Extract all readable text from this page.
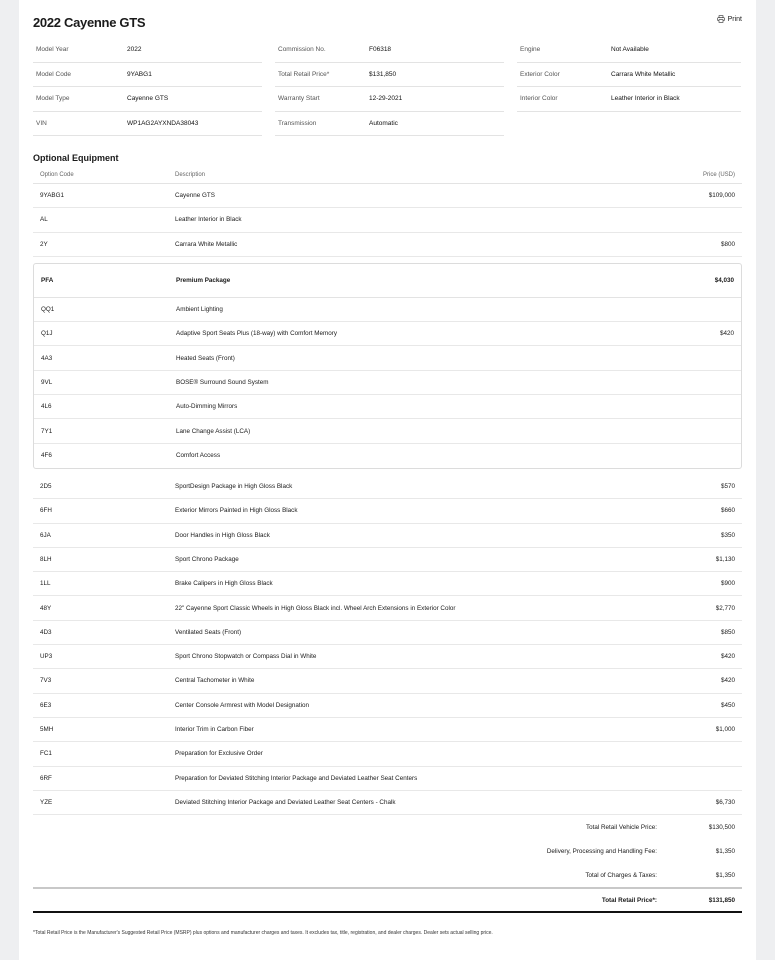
2022 Cayenne GTS	Print
Model Year	2022
Model Code	9YABG1
Model Type	Cayenne GTS
VIN	WP1AG2AYXNDA38043
Commission No.	F06318
Total Retail Price*	$131,850
Warranty Start	12-29-2021
Transmission	Automatic
Engine	Not Available
Exterior Color	Carrara White Metallic
Interior Color	Leather Interior in Black
Optional Equipment
Option Code	Description	Price (USD)
9YABG1	Cayenne GTS	$109,000
AL	Leather Interior in Black
2Y	Carrara White Metallic	$800
PFA	Premium Package	$4,030
QQ1	Ambient Lighting
Q1J	Adaptive Sport Seats Plus (18-way) with Comfort Memory	$420
4A3	Heated Seats (Front)
9VL	BOSE® Surround Sound System
4L6	Auto-Dimming Mirrors
7Y1	Lane Change Assist (LCA)
4F6	Comfort Access
2D5	SportDesign Package in High Gloss Black	$570
6FH	Exterior Mirrors Painted in High Gloss Black	$660
6JA	Door Handles in High Gloss Black	$350
8LH	Sport Chrono Package	$1,130
1LL	Brake Calipers in High Gloss Black	$900
48Y	22" Cayenne Sport Classic Wheels in High Gloss Black incl. Wheel Arch Extensions in Exterior Color	$2,770
4D3	Ventilated Seats (Front)	$850
UP3	Sport Chrono Stopwatch or Compass Dial in White	$420
7V3	Central Tachometer in White	$420
6E3	Center Console Armrest with Model Designation	$450
5MH	Interior Trim in Carbon Fiber	$1,000
FC1	Preparation for Exclusive Order
6RF	Preparation for Deviated Stitching Interior Package and Deviated Leather Seat Centers
YZE	Deviated Stitching Interior Package and Deviated Leather Seat Centers - Chalk	$6,730
Total Retail Vehicle Price:	$130,500
Delivery, Processing and Handling Fee:	$1,350
Total of Charges & Taxes:	$1,350
Total Retail Price*:	$131,850
*Total Retail Price is the Manufacturer's Suggested Retail Price (MSRP) plus options and manufacturer charges and taxes. It excludes tax, title, registration, and dealer charges. Dealer sets actual selling price.
